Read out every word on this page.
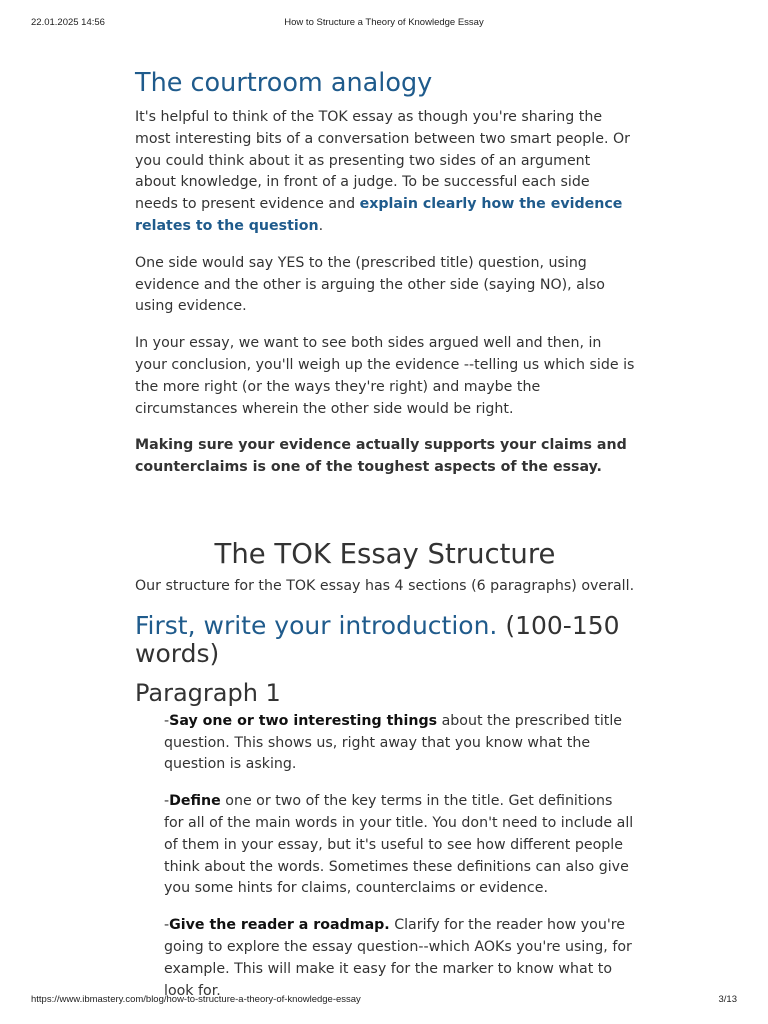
22.01.2025 14:56	How to Structure a Theory of Knowledge Essay
The courtroom analogy

It's helpful to think of the TOK essay as though you're sharing the most interesting bits of a conversation between two smart people. Or you could think about it as presenting two sides of an argument about knowledge, in front of a judge. To be successful each side needs to present evidence and explain clearly how the evidence relates to the question.

One side would say YES to the (prescribed title) question, using evidence and the other is arguing the other side (saying NO), also using evidence.

In your essay, we want to see both sides argued well and then, in your conclusion, you'll weigh up the evidence --telling us which side is the more right (or the ways they're right) and maybe the circumstances wherein the other side would be right.

Making sure your evidence actually supports your claims and counterclaims is one of the toughest aspects of the essay.

The TOK Essay Structure

Our structure for the TOK essay has 4 sections (6 paragraphs) overall.

First, write your introduction. (100-150 words)
Paragraph 1

-Say one or two interesting things about the prescribed title question. This shows us, right away that you know what the question is asking.

-Define one or two of the key terms in the title. Get definitions for all of the main words in your title. You don't need to include all of them in your essay, but it's useful to see how different people think about the words. Sometimes these definitions can also give you some hints for claims, counterclaims or evidence.

-Give the reader a roadmap. Clarify for the reader how you're going to explore the essay question--which AOKs you're using, for example. This will make it easy for the marker to know what to look for.

https://www.ibmastery.com/blog/how-to-structure-a-theory-of-knowledge-essay	3/13
